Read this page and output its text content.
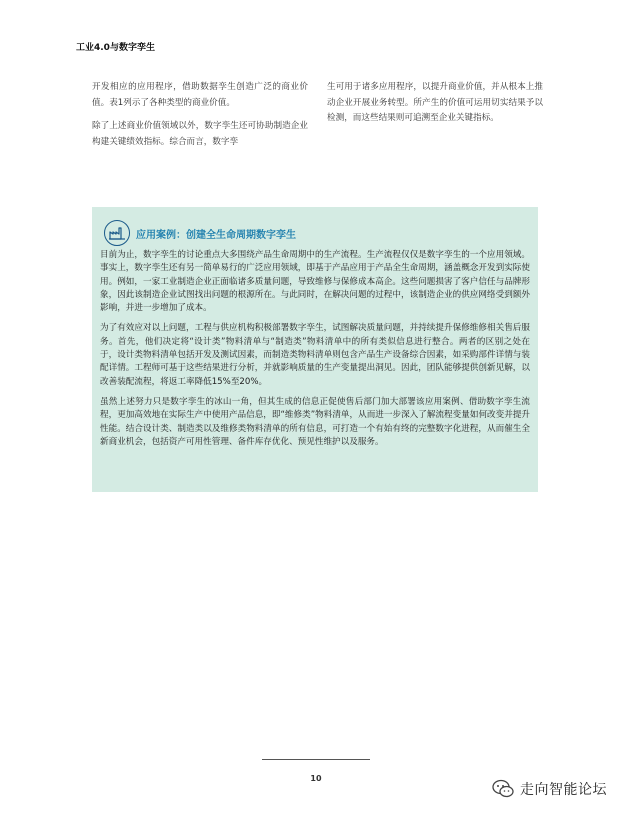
工业4.0与数字孪生

开发相应的应用程序，借助数据孪生创造广泛的商业价值。表1列示了各种类型的商业价值。

除了上述商业价值领域以外，数字孪生还可协助制造企业构建关键绩效指标。综合而言，数字孪

生可用于诸多应用程序，以提升商业价值，并从根本上推动企业开展业务转型。所产生的价值可运用切实结果予以检测，而这些结果则可追溯至企业关键指标。

应用案例：创建全生命周期数字孪生

目前为止，数字孪生的讨论重点大多围绕产品生命周期中的生产流程。生产流程仅仅是数字孪生的一个应用领域。事实上，数字孪生还有另一简单易行的广泛应用领域，即基于产品应用于产品全生命周期，涵盖概念开发到实际使用。例如，一家工业制造企业正面临诸多质量问题，导致维修与保修成本高企。这些问题损害了客户信任与品牌形象，因此该制造企业试图找出问题的根源所在。与此同时，在解决问题的过程中，该制造企业的供应网络受到额外影响，并进一步增加了成本。

为了有效应对以上问题，工程与供应机构积极部署数字孪生，试图解决质量问题，并持续提升保修维修相关售后服务。首先，他们决定将“设计类”物料清单与“制造类”物料清单中的所有类似信息进行整合。两者的区别之处在于，设计类物料清单包括开发及测试因素，而制造类物料清单则包含产品生产设备综合因素，如采购部件详情与装配详情。工程师可基于这些结果进行分析，并就影响质量的生产变量提出洞见。因此，团队能够提供创新见解，以改善装配流程，将返工率降低15%至20%。

虽然上述努力只是数字孪生的冰山一角，但其生成的信息正促使售后部门加大部署该应用案例、借助数字孪生流程，更加高效地在实际生产中使用产品信息，即“维修类”物料清单，从而进一步深入了解流程变量如何改变并提升性能。结合设计类、制造类以及维修类物料清单的所有信息，可打造一个有始有终的完整数字化进程，从而催生全新商业机会，包括资产可用性管理、备件库存优化、预见性维护以及服务。

10
走向智能论坛
